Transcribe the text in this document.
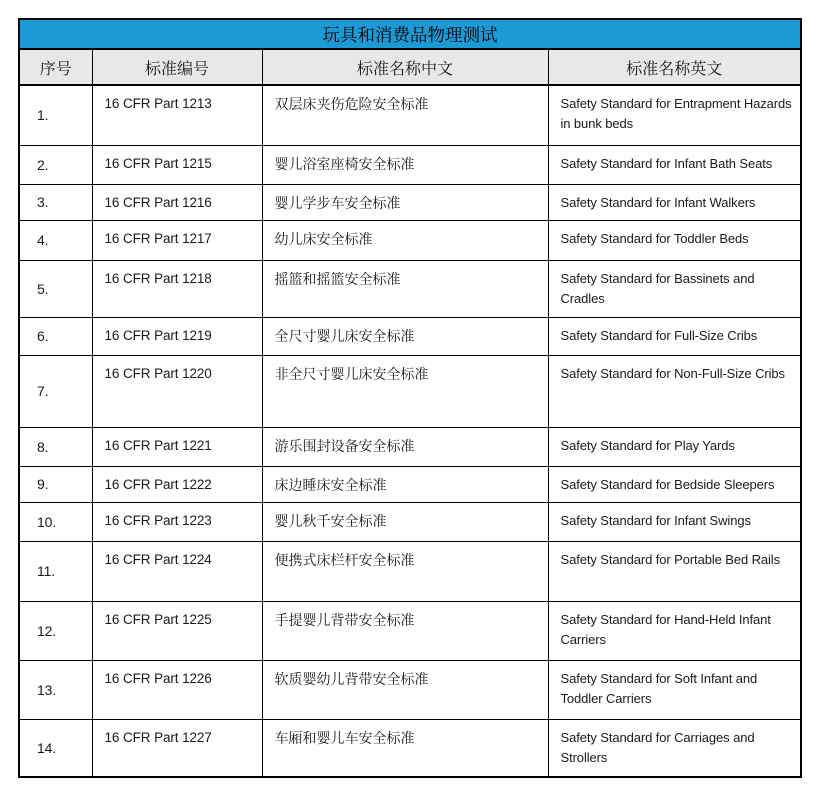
玩具和消费品物理测试			
序号	标准编号	标准名称中文	标准名称英文
1.	16 CFR Part 1213	双层床夹伤危险安全标准	Safety Standard for Entrapment Hazards in bunk beds
2.	16 CFR Part 1215	婴儿浴室座椅安全标准	Safety Standard for Infant Bath Seats
3.	16 CFR Part 1216	婴儿学步车安全标准	Safety Standard for Infant Walkers
4.	16 CFR Part 1217	幼儿床安全标准	Safety Standard for Toddler Beds
5.	16 CFR Part 1218	摇篮和摇篮安全标准	Safety Standard for Bassinets and Cradles
6.	16 CFR Part 1219	全尺寸婴儿床安全标准	Safety Standard for Full-Size Cribs
7.	16 CFR Part 1220	非全尺寸婴儿床安全标准	Safety Standard for Non-Full-Size Cribs
8.	16 CFR Part 1221	游乐围封设备安全标准	Safety Standard for Play Yards
9.	16 CFR Part 1222	床边睡床安全标准	Safety Standard for Bedside Sleepers
10.	16 CFR Part 1223	婴儿秋千安全标准	Safety Standard for Infant Swings
11.	16 CFR Part 1224	便携式床栏杆安全标准	Safety Standard for Portable Bed Rails
12.	16 CFR Part 1225	手提婴儿背带安全标准	Safety Standard for Hand-Held Infant Carriers
13.	16 CFR Part 1226	软质婴幼儿背带安全标准	Safety Standard for Soft Infant and Toddler Carriers
14.	16 CFR Part 1227	车厢和婴儿车安全标准	Safety Standard for Carriages and Strollers
